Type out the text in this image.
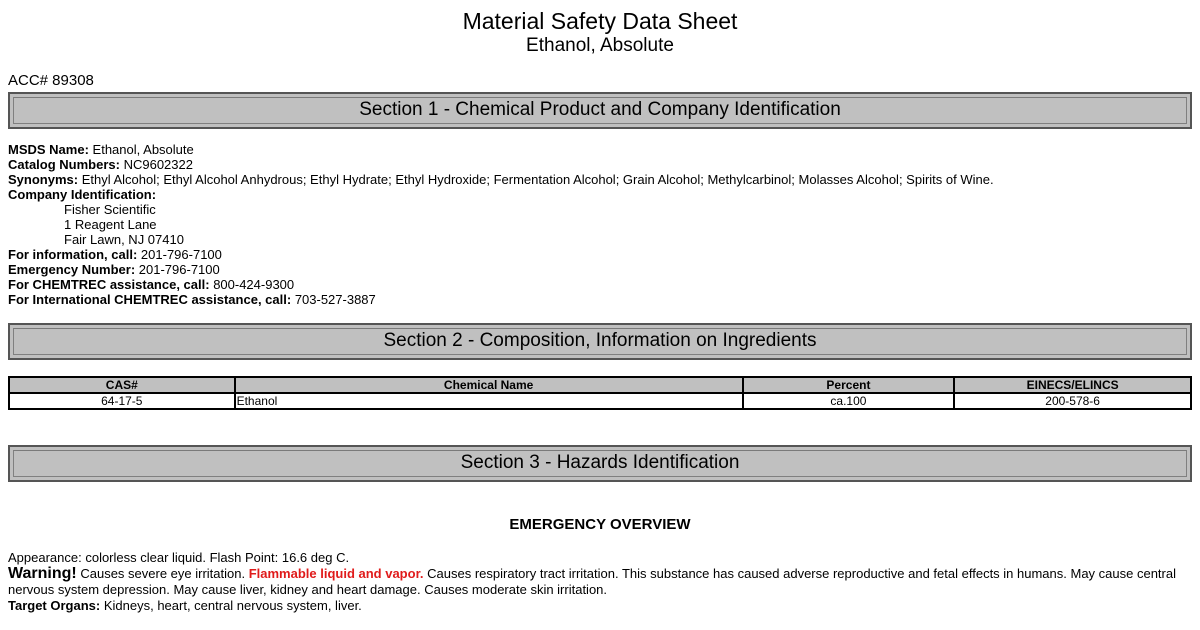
Material Safety Data Sheet
Ethanol, Absolute
ACC# 89308
Section 1 - Chemical Product and Company Identification
MSDS Name: Ethanol, Absolute
Catalog Numbers: NC9602322
Synonyms: Ethyl Alcohol; Ethyl Alcohol Anhydrous; Ethyl Hydrate; Ethyl Hydroxide; Fermentation Alcohol; Grain Alcohol; Methylcarbinol; Molasses Alcohol; Spirits of Wine.
Company Identification:
Fisher Scientific
1 Reagent Lane
Fair Lawn, NJ 07410
For information, call: 201-796-7100
Emergency Number: 201-796-7100
For CHEMTREC assistance, call: 800-424-9300
For International CHEMTREC assistance, call: 703-527-3887
Section 2 - Composition, Information on Ingredients
CAS#	Chemical Name	Percent	EINECS/ELINCS
64-17-5	Ethanol	ca.100	200-578-6
Section 3 - Hazards Identification
EMERGENCY OVERVIEW

Appearance: colorless clear liquid. Flash Point: 16.6 deg C.

Warning! Causes severe eye irritation. Flammable liquid and vapor. Causes respiratory tract irritation. This substance has caused adverse reproductive and fetal effects in humans. May cause central nervous system depression. May cause liver, kidney and heart damage. Causes moderate skin irritation.

Target Organs: Kidneys, heart, central nervous system, liver.
